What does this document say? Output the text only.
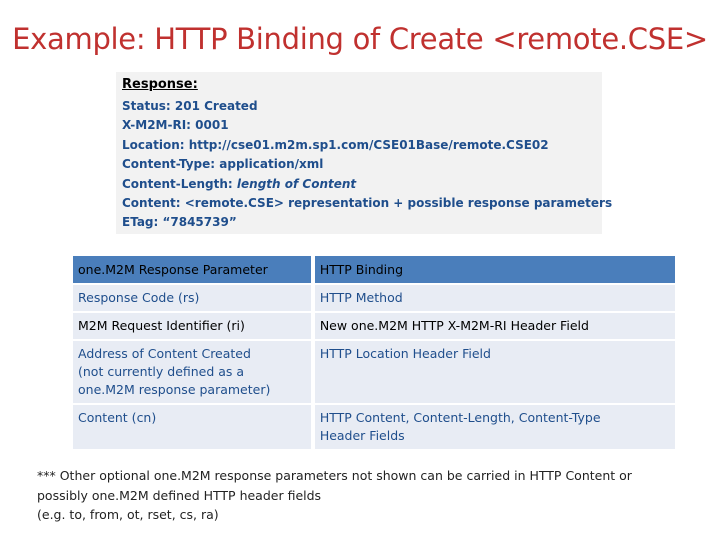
Example: HTTP Binding of Create <remote.CSE>
Response:
Status: 201 Created
X-M2M-RI: 0001
Location: http://cse01.m2m.sp1.com/CSE01Base/remote.CSE02
Content-Type: application/xml
Content-Length: length of Content
Content: <remote.CSE> representation + possible response parameters
ETag: “7845739”
one.M2M Response Parameter		HTTP Binding
Response Code (rs)		HTTP Method
M2M Request Identifier (ri)		New one.M2M HTTP X-M2M-RI Header Field

Address of Content Created
(not currently defined as a
one.M2M response parameter)		HTTP Location Header Field
Content (cn)		HTTP Content, Content-Length, Content-Type
Header Fields
*** Other optional one.M2M response parameters not shown can be carried in HTTP Content or
possibly one.M2M defined HTTP header fields
(e.g. to, from, ot, rset, cs, ra)
